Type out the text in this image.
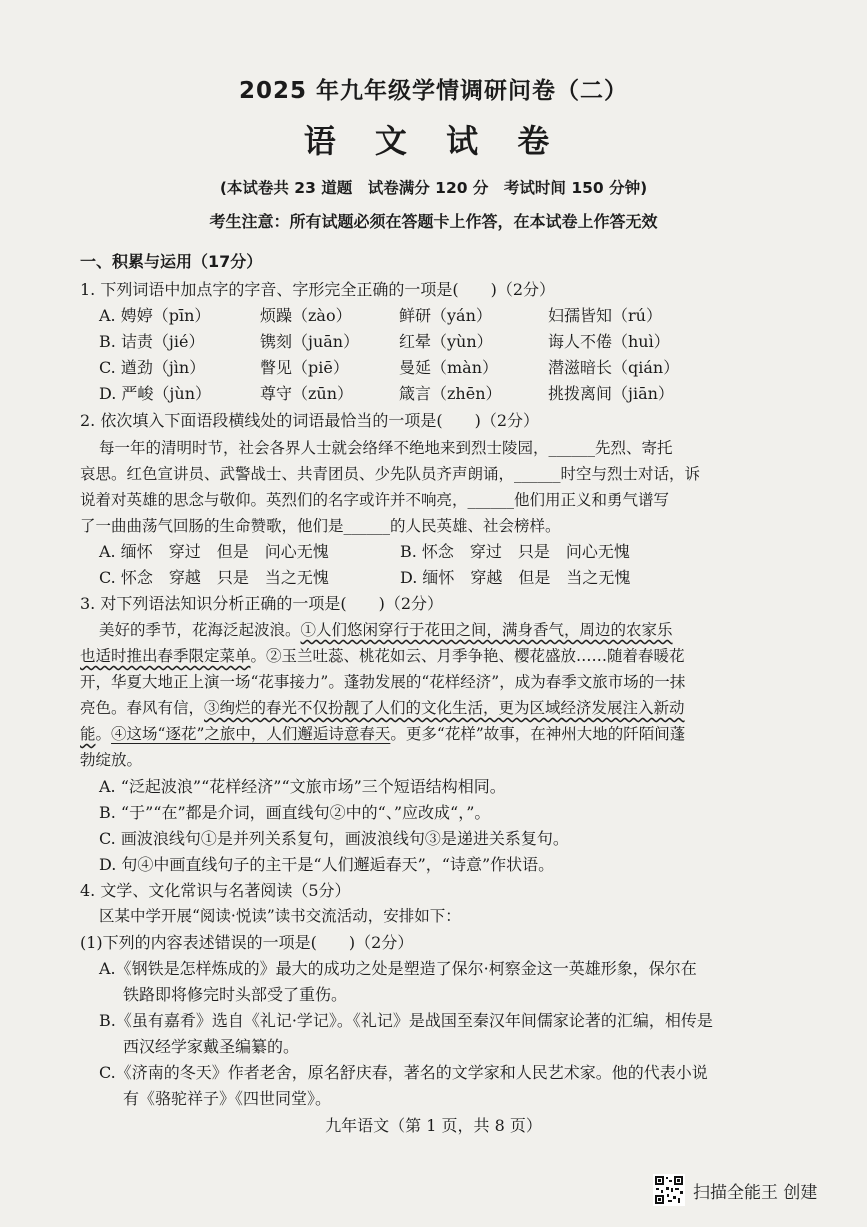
2025 年九年级学情调研问卷（二）
语 文 试 卷
(本试卷共 23 道题　试卷满分 120 分　考试时间 150 分钟)
考生注意：所有试题必须在答题卡上作答，在本试卷上作答无效
一、积累与运用（17分）
1. 下列词语中加点字的字音、字形完全正确的一项是(　　)（2分）
A. 娉婷（pīn）	烦躁（zào）	鲜研（yán）	妇孺皆知（rú）
B. 诘责（jié）	镌刻（juān） 红晕（yùn）	诲人不倦（huì）
C. 遒劲（jìn）	瞥见（piē）	曼延（màn）	潜滋暗长（qián）
D. 严峻（jùn）	尊守（zūn）	箴言（zhēn）	挑拨离间（jiān）
2. 依次填入下面语段横线处的词语最恰当的一项是(　　)（2分）
每一年的清明时节，社会各界人士就会络绎不绝地来到烈士陵园，______先烈、寄托
哀思。红色宣讲员、武警战士、共青团员、少先队员齐声朗诵，______时空与烈士对话，诉
说着对英雄的思念与敬仰。英烈们的名字或许并不响亮，______他们用正义和勇气谱写
了一曲曲荡气回肠的生命赞歌，他们是______的人民英雄、社会榜样。
A. 缅怀　穿过　但是　问心无愧	B. 怀念　穿过　只是　问心无愧
C. 怀念　穿越　只是　当之无愧	D. 缅怀　穿越　但是　当之无愧
3. 对下列语法知识分析正确的一项是(　　)（2分）
美好的季节，花海泛起波浪。①人们悠闲穿行于花田之间，满身香气，周边的农家乐
也适时推出春季限定菜单。②玉兰吐蕊、桃花如云、月季争艳、樱花盛放……随着春暖花
开，华夏大地正上演一场“花事接力”。蓬勃发展的“花样经济”，成为春季文旅市场的一抹
亮色。春风有信，③绚烂的春光不仅扮靓了人们的文化生活，更为区域经济发展注入新动
能。④这场“逐花”之旅中，人们邂逅诗意春天。更多“花样”故事，在神州大地的阡陌间蓬
勃绽放。
A. “泛起波浪”“花样经济”“文旅市场”三个短语结构相同。
B. “于”“在”都是介词，画直线句②中的“、”应改成“，”。
C. 画波浪线句①是并列关系复句，画波浪线句③是递进关系复句。
D. 句④中画直线句子的主干是“人们邂逅春天”，“诗意”作状语。
4. 文学、文化常识与名著阅读（5分）
区某中学开展“阅读·悦读”读书交流活动，安排如下：
(1)下列的内容表述错误的一项是(　　)（2分）
A.《钢铁是怎样炼成的》最大的成功之处是塑造了保尔·柯察金这一英雄形象，保尔在
铁路即将修完时头部受了重伤。
B.《虽有嘉肴》选自《礼记·学记》。《礼记》是战国至秦汉年间儒家论著的汇编，相传是
西汉经学家戴圣编纂的。
C.《济南的冬天》作者老舍，原名舒庆春，著名的文学家和人民艺术家。他的代表小说
有《骆驼祥子》《四世同堂》。
九年语文（第 1 页，共 8 页）
扫描全能王 创建
